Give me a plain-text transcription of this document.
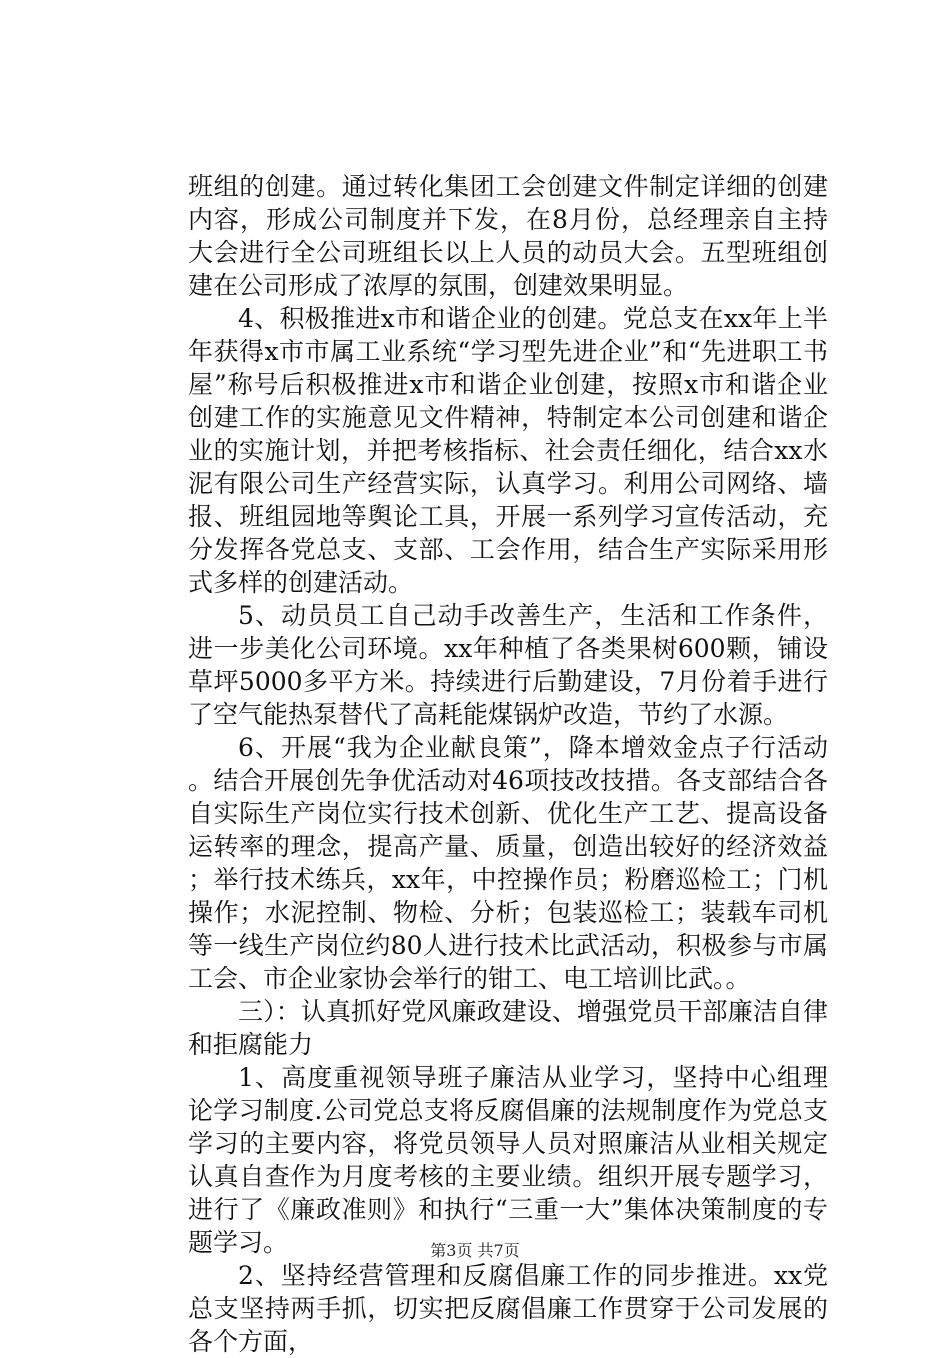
班组的创建。通过转化集团工会创建文件制定详细的创建内容，形成公司制度并下发，在8月份，总经理亲自主持大会进行全公司班组长以上人员的动员大会。五型班组创建在公司形成了浓厚的氛围，创建效果明显。

4、积极推进x市和谐企业的创建。党总支在xx年上半年获得x市市属工业系统“学习型先进企业”和“先进职工书屋”称号后积极推进x市和谐企业创建，按照x市和谐企业创建工作的实施意见文件精神，特制定本公司创建和谐企业的实施计划，并把考核指标、社会责任细化，结合xx水泥有限公司生产经营实际，认真学习。利用公司网络、墙报、班组园地等舆论工具，开展一系列学习宣传活动，充分发挥各党总支、支部、工会作用，结合生产实际采用形式多样的创建活动。

5、动员员工自己动手改善生产，生活和工作条件，进一步美化公司环境。xx年种植了各类果树600颗，铺设草坪5000多平方米。持续进行后勤建设，7月份着手进行了空气能热泵替代了高耗能煤锅炉改造，节约了水源。

6、开展“我为企业献良策”，降本增效金点子行活动。结合开展创先争优活动对46项技改技措。各支部结合各自实际生产岗位实行技术创新、优化生产工艺、提高设备运转率的理念，提高产量、质量，创造出较好的经济效益；举行技术练兵，xx年，中控操作员；粉磨巡检工；门机操作；水泥控制、物检、分析；包装巡检工；装载车司机等一线生产岗位约80人进行技术比武活动，积极参与市属工会、市企业家协会举行的钳工、电工培训比武。。

三）：认真抓好党风廉政建设、增强党员干部廉洁自律和拒腐能力

1、高度重视领导班子廉洁从业学习，坚持中心组理论学习制度.公司党总支将反腐倡廉的法规制度作为党总支学习的主要内容，将党员领导人员对照廉洁从业相关规定认真自查作为月度考核的主要业绩。组织开展专题学习，进行了《廉政准则》和执行“三重一大”集体决策制度的专题学习。

2、坚持经营管理和反腐倡廉工作的同步推进。xx党总支坚持两手抓，切实把反腐倡廉工作贯穿于公司发展的各个方面，

第3页 共7页
